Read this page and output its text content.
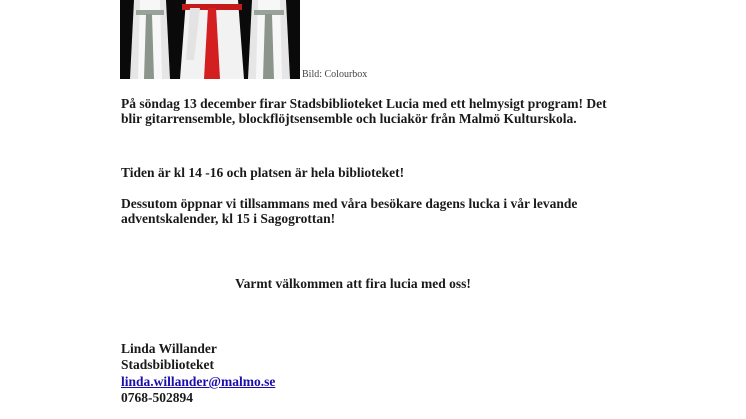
Bild: Colourbox

På söndag 13 december firar Stadsbiblioteket Lucia med ett helmysigt program! Det blir gitarrensemble, blockflöjtsensemble och luciakör från Malmö Kulturskola.

Tiden är kl 14 -16 och platsen är hela biblioteket!

Dessutom öppnar vi tillsammans med våra besökare dagens lucka i vår levande adventskalender, kl 15 i Sagogrottan!

Varmt välkommen att fira lucia med oss!

Linda Willander
Stadsbiblioteket
linda.willander@malmo.se
0768-502894
